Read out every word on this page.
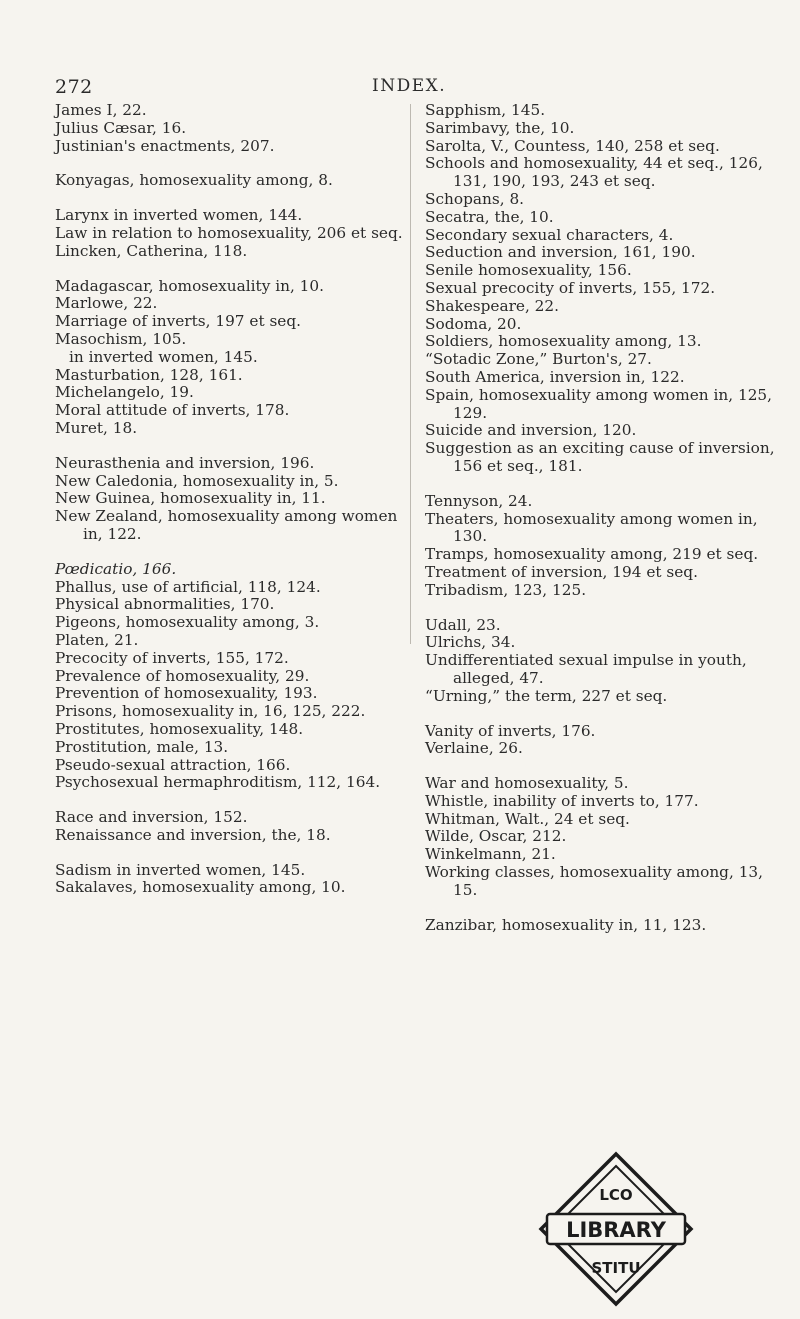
272	INDEX.
James I, 22.
Julius Cæsar, 16.
Justinian's enactments, 207.
Konyagas, homosexuality among, 8.
Larynx in inverted women, 144.
Law in relation to homosexuality, 206 et seq.
Lincken, Catherina, 118.
Madagascar, homosexuality in, 10.
Marlowe, 22.
Marriage of inverts, 197 et seq.
Masochism, 105.
in inverted women, 145.
Masturbation, 128, 161.
Michelangelo, 19.
Moral attitude of inverts, 178.
Muret, 18.
Neurasthenia and inversion, 196.
New Caledonia, homosexuality in, 5.
New Guinea, homosexuality in, 11.
New Zealand, homosexuality among women in, 122.
Pœdicatio, 166.
Phallus, use of artificial, 118, 124.
Physical abnormalities, 170.
Pigeons, homosexuality among, 3.
Platen, 21.
Precocity of inverts, 155, 172.
Prevalence of homosexuality, 29.
Prevention of homosexuality, 193.
Prisons, homosexuality in, 16, 125, 222.
Prostitutes, homosexuality, 148.
Prostitution, male, 13.
Pseudo-sexual attraction, 166.
Psychosexual hermaphroditism, 112, 164.
Race and inversion, 152.
Renaissance and inversion, the, 18.
Sadism in inverted women, 145.
Sakalaves, homosexuality among, 10.
Sapphism, 145.
Sarimbavy, the, 10.
Sarolta, V., Countess, 140, 258 et seq.
Schools and homosexuality, 44 et seq., 126, 131, 190, 193, 243 et seq.
Schopans, 8.
Secatra, the, 10.
Secondary sexual characters, 4.
Seduction and inversion, 161, 190.
Senile homosexuality, 156.
Sexual precocity of inverts, 155, 172.
Shakespeare, 22.
Sodoma, 20.
Soldiers, homosexuality among, 13.
“Sotadic Zone,” Burton's, 27.
South America, inversion in, 122.
Spain, homosexuality among women in, 125, 129.
Suicide and inversion, 120.
Suggestion as an exciting cause of inversion, 156 et seq., 181.
Tennyson, 24.
Theaters, homosexuality among women in, 130.
Tramps, homosexuality among, 219 et seq.
Treatment of inversion, 194 et seq.
Tribadism, 123, 125.
Udall, 23.
Ulrichs, 34.
Undifferentiated sexual impulse in youth, alleged, 47.
“Urning,” the term, 227 et seq.
Vanity of inverts, 176.
Verlaine, 26.
War and homosexuality, 5.
Whistle, inability of inverts to, 177.
Whitman, Walt., 24 et seq.
Wilde, Oscar, 212.
Winkelmann, 21.
Working classes, homosexuality among, 13, 15.
Zanzibar, homosexuality in, 11, 123.
LIBRARY
LCO
STITU
